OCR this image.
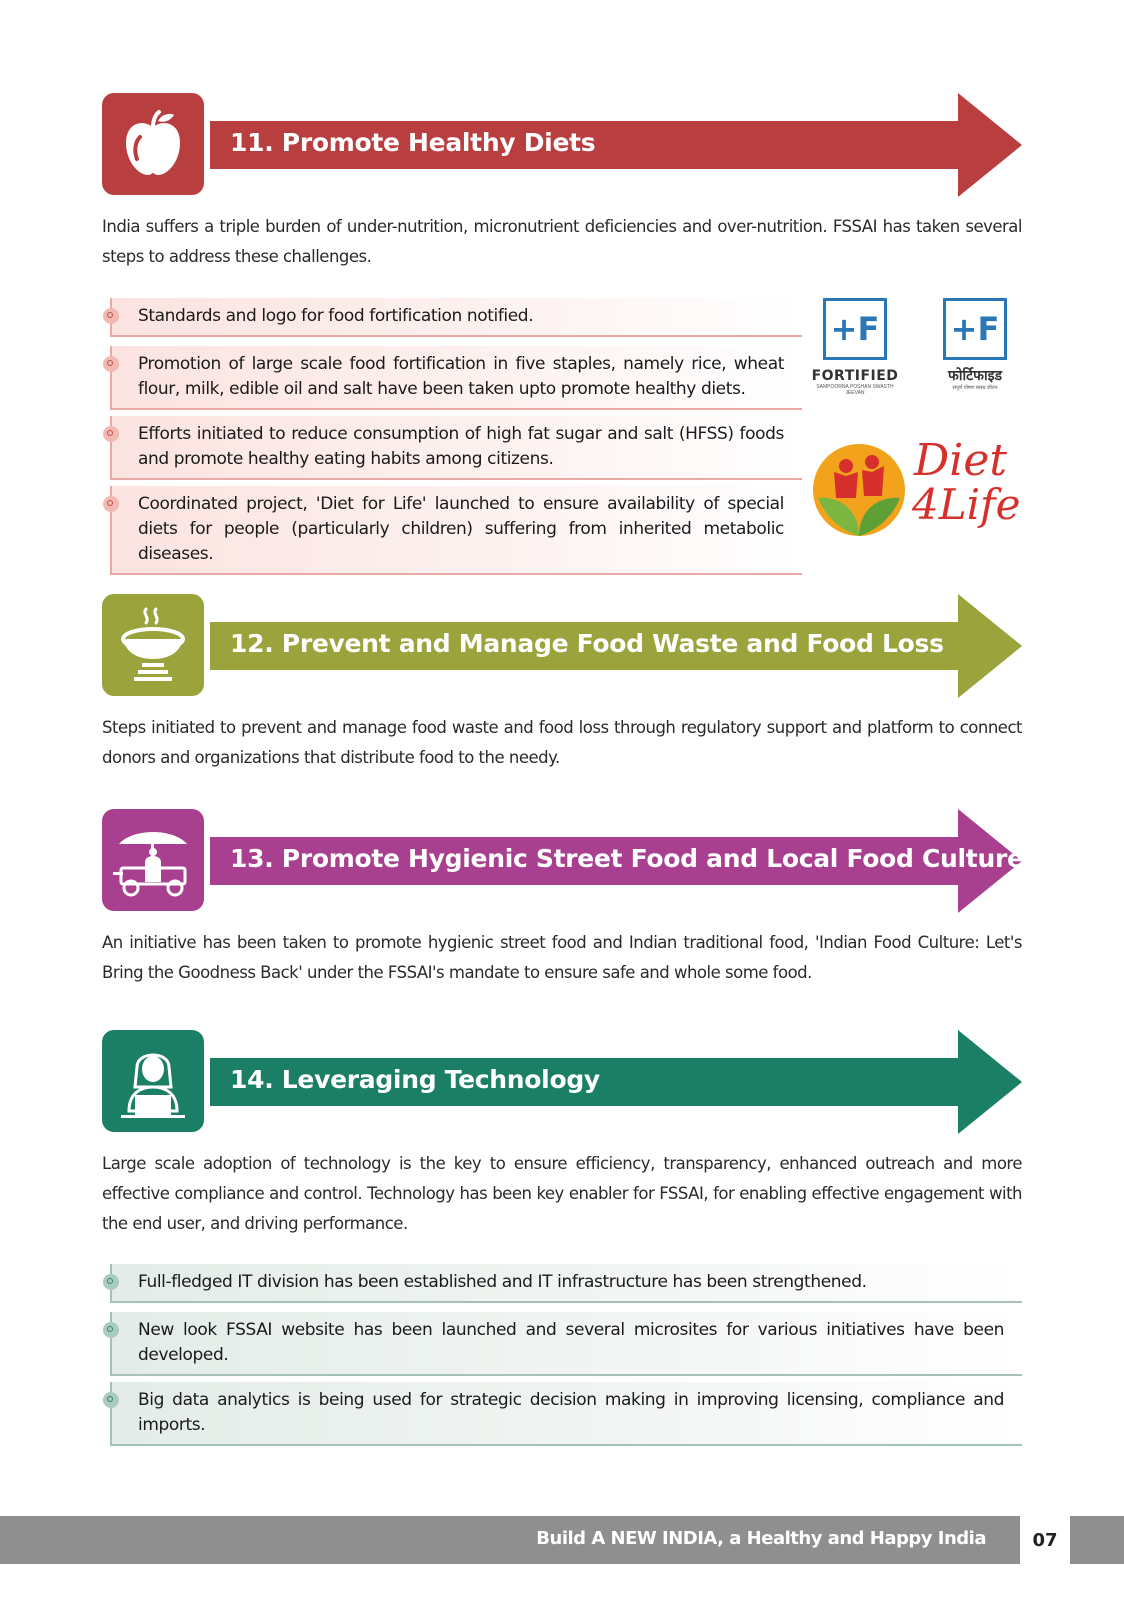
11. Promote Healthy Diets
India suffers a triple burden of under-nutrition, micronutrient deficiencies and over-nutrition. FSSAI has taken several steps to address these challenges.
Standards and logo for food fortification notified.
Promotion of large scale food fortification in five staples, namely rice, wheat flour, milk, edible oil and salt have been taken upto promote healthy diets.
Efforts initiated to reduce consumption of high fat sugar and salt (HFSS) foods and promote healthy eating habits among citizens.
Coordinated project, 'Diet for Life' launched to ensure availability of special diets for people (particularly children) suffering from inherited metabolic diseases.
+F
FORTIFIED
SAMPOORNA POSHAN SWASTH JEEVAN
+F
फोर्टिफाइड
संपूर्ण पोषण स्वस्थ जीवन
Diet
4Life
12. Prevent and Manage Food Waste and Food Loss
Steps initiated to prevent and manage food waste and food loss through regulatory support and platform to connect donors and organizations that distribute food to the needy.
13. Promote Hygienic Street Food and Local Food Culture
An initiative has been taken to promote hygienic street food and Indian traditional food, 'Indian Food Culture: Let's Bring the Goodness Back' under the FSSAI's mandate to ensure safe and whole some food.
14. Leveraging Technology
Large scale adoption of technology is the key to ensure efficiency, transparency, enhanced outreach and more effective compliance and control. Technology has been key enabler for FSSAI, for enabling effective engagement with the end user, and driving performance.
Full-fledged IT division has been established and IT infrastructure has been strengthened.
New look FSSAI website has been launched and several microsites for various initiatives have been developed.
Big data analytics is being used for strategic decision making in improving licensing, compliance and imports.
Build A NEW INDIA, a Healthy and Happy India	07
